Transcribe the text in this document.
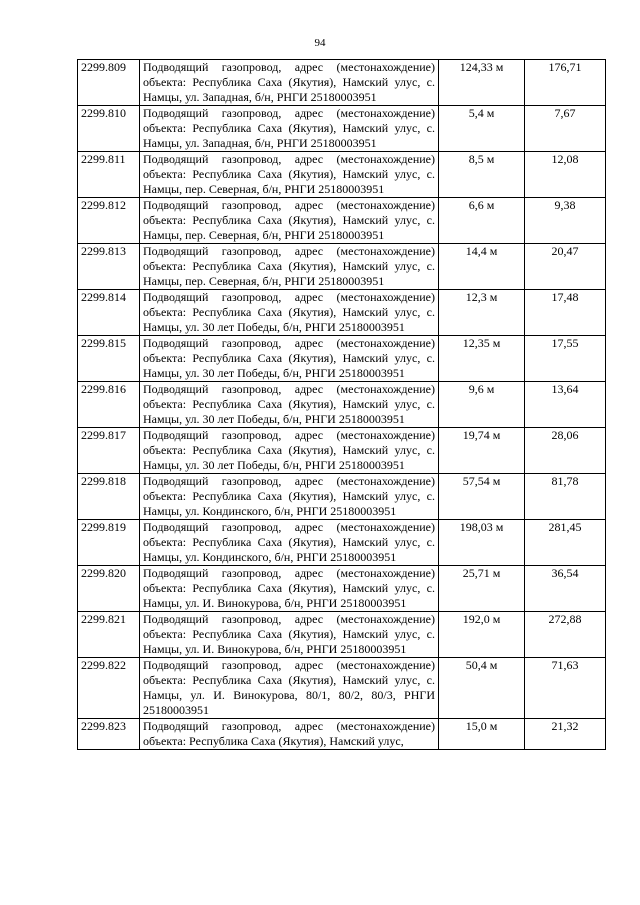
94
2299.809	Подводящий газопровод, адрес (местонахождение) объекта: Республика Саха (Якутия), Намский улус, с. Намцы, ул. Западная, б/н, РНГИ 25180003951	124,33 м	176,71
2299.810	Подводящий газопровод, адрес (местонахождение) объекта: Республика Саха (Якутия), Намский улус, с. Намцы, ул. Западная, б/н, РНГИ 25180003951	5,4 м	7,67
2299.811	Подводящий газопровод, адрес (местонахождение) объекта: Республика Саха (Якутия), Намский улус, с. Намцы, пер. Северная, б/н, РНГИ 25180003951	8,5 м	12,08
2299.812	Подводящий газопровод, адрес (местонахождение) объекта: Республика Саха (Якутия), Намский улус, с. Намцы, пер. Северная, б/н, РНГИ 25180003951	6,6 м	9,38
2299.813	Подводящий газопровод, адрес (местонахождение) объекта: Республика Саха (Якутия), Намский улус, с. Намцы, пер. Северная, б/н, РНГИ 25180003951	14,4 м	20,47
2299.814	Подводящий газопровод, адрес (местонахождение) объекта: Республика Саха (Якутия), Намский улус, с. Намцы, ул. 30 лет Победы, б/н, РНГИ 25180003951	12,3 м	17,48
2299.815	Подводящий газопровод, адрес (местонахождение) объекта: Республика Саха (Якутия), Намский улус, с. Намцы, ул. 30 лет Победы, б/н, РНГИ 25180003951	12,35 м	17,55
2299.816	Подводящий газопровод, адрес (местонахождение) объекта: Республика Саха (Якутия), Намский улус, с. Намцы, ул. 30 лет Победы, б/н, РНГИ 25180003951	9,6 м	13,64
2299.817	Подводящий газопровод, адрес (местонахождение) объекта: Республика Саха (Якутия), Намский улус, с. Намцы, ул. 30 лет Победы, б/н, РНГИ 25180003951	19,74 м	28,06
2299.818	Подводящий газопровод, адрес (местонахождение) объекта: Республика Саха (Якутия), Намский улус, с. Намцы, ул. Кондинского, б/н, РНГИ 25180003951	57,54 м	81,78
2299.819	Подводящий газопровод, адрес (местонахождение) объекта: Республика Саха (Якутия), Намский улус, с. Намцы, ул. Кондинского, б/н, РНГИ 25180003951	198,03 м	281,45
2299.820	Подводящий газопровод, адрес (местонахождение) объекта: Республика Саха (Якутия), Намский улус, с. Намцы, ул. И. Винокурова, б/н, РНГИ 25180003951	25,71 м	36,54
2299.821	Подводящий газопровод, адрес (местонахождение) объекта: Республика Саха (Якутия), Намский улус, с. Намцы, ул. И. Винокурова, б/н, РНГИ 25180003951	192,0 м	272,88
2299.822	Подводящий газопровод, адрес (местонахождение) объекта: Республика Саха (Якутия), Намский улус, с. Намцы, ул. И. Винокурова, 80/1, 80/2, 80/3, РНГИ 25180003951	50,4 м	71,63
2299.823	Подводящий газопровод, адрес (местонахождение) объекта: Республика Саха (Якутия), Намский улус,	15,0 м	21,32
